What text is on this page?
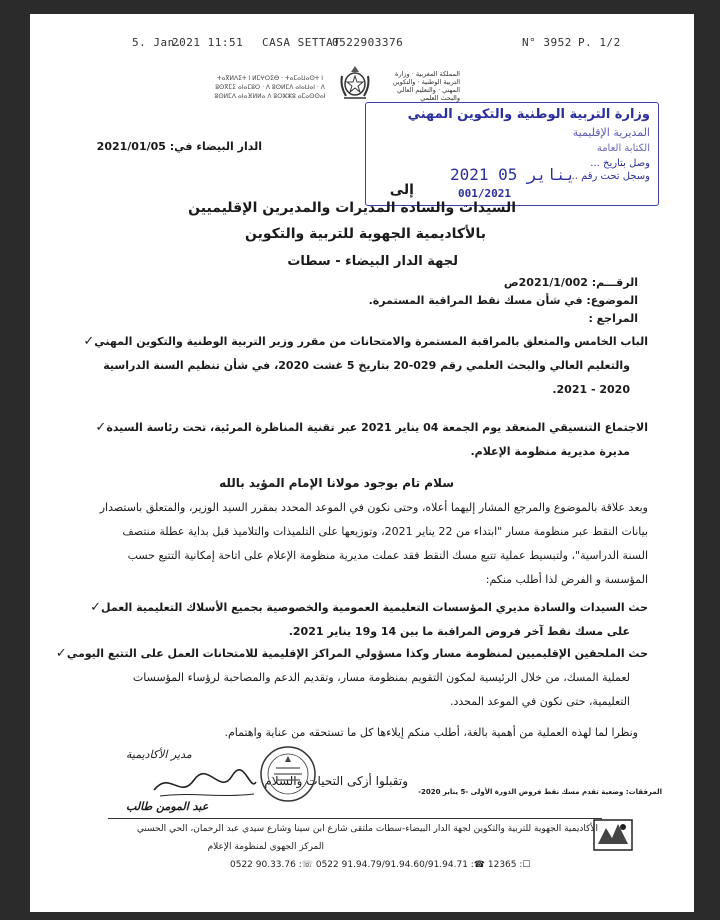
5. Jan.
2021 11:51 CASA SETTAT
0522903376	N° 3952 P. 1/2
ⵜⴰⴳⵍⴷⵉⵜ ⵏ ⵍⵎⵖⵔⵉⴱ · ⵜⴰⵎⴰⵡⴰⵙⵜ ⵏ ⵓⵙⴳⵎⵉ ⴰⵏⴰⵎⵓⵔ · ⴷ ⵓⵙⵍⵎⴷ ⴰⵏⴰⵡⴰⵏ · ⴷ ⵓⵙⵍⵎⴷ ⴰⵏⴰⴼⵍⵍⴰ ⴷ ⵓⵔⵣⵣⵓ ⴰⵎⴰⵙⵙⴰⵏ
المملكة المغربية · وزارة التربية الوطنية · والتكوين المهني · والتعليم العالي والبحث العلمي
وزارة التربية الوطنية والتكوين المهني
المديرية الإقليمية
الكتابة العامة
وصل بتاريخ ...
وسجل تحت رقم ...
2021 يناير 05
001/2021
الدار البيضاء في: 2021/01/05
إلى
السيدات والسادة المديرات والمديرين الإقليميين
بالأكاديمية الجهوية للتربية والتكوين
لجهة الدار البيضاء - سطات
الرقـــم: 2021/1/002ص
الموضوع: في شأن مسك نقط المراقبة المستمرة.
المراجع :
الباب الخامس والمتعلق بالمراقبة المستمرة والامتحانات من مقرر وزير التربية الوطنية والتكوين المهني✓
والتعليم العالي والبحث العلمي رقم 029-20 بتاريخ 5 غشت 2020، في شأن تنظيم السنة الدراسية
2020 - 2021.
الاجتماع التنسيقي المنعقد يوم الجمعة 04 يناير 2021 عبر تقنية المناظرة المرئية، تحت رئاسة السيدة✓
مديرة مديرية منظومة الإعلام.
سلام تام بوجود مولانا الإمام المؤيد بالله
وبعد علاقة بالموضوع والمرجع المشار إليهما أعلاه، وحتى نكون في الموعد المحدد بمقرر السيد الوزير، والمتعلق باستصدار
بيانات النقط عبر منظومة مسار "ابتداء من 22 يناير 2021، وتوزيعها على التلميذات والتلاميذ قبل بداية عطلة منتصف
السنة الدراسية"، ولتبسيط عملية تتبع مسك النقط فقد عملت مديرية منظومة الإعلام على اتاحة إمكانية التتبع حسب
المؤسسة و الفرض لذا أطلب منكم:
حث السيدات والسادة مديري المؤسسات التعليمية العمومية والخصوصية بجميع الأسلاك التعليمية العمل✓
على مسك نقط آخر فروض المراقبة ما بين 14 و19 يناير 2021.
حث الملحقين الإقليميين لمنظومة مسار وكذا مسؤولي المراكز الإقليمية للامتحانات العمل على التتبع اليومي✓
لعملية المسك، من خلال الرئيسية لمكون التقويم بمنظومة مسار، وتقديم الدعم والمصاحبة لرؤساء المؤسسات
التعليمية، حتى نكون في الموعد المحدد.
ونظرا لما لهذه العملية من أهمية بالغة، أطلب منكم إيلاءها كل ما تستحقه من عناية واهتمام.
وتقبلوا أزكى التحيات والسلام
مدير الأكاديمية
عبد المومن طالب
المرفقات: وضعية تقدم مسك نقط فروض الدورة الأولى -5 يناير 2020-
الأكاديمية الجهوية للتربية والتكوين لجهة الدار البيضاء-سطات ملتقى شارع ابن سينا وشارع سيدي عبد الرحمان، الحي الحسني
المركز الجهوي لمنظومة الإعلام
0522 90.33.76 :☏ 0522 91.94.79/91.94.60/91.94.71 :☎ 12365 :☐
